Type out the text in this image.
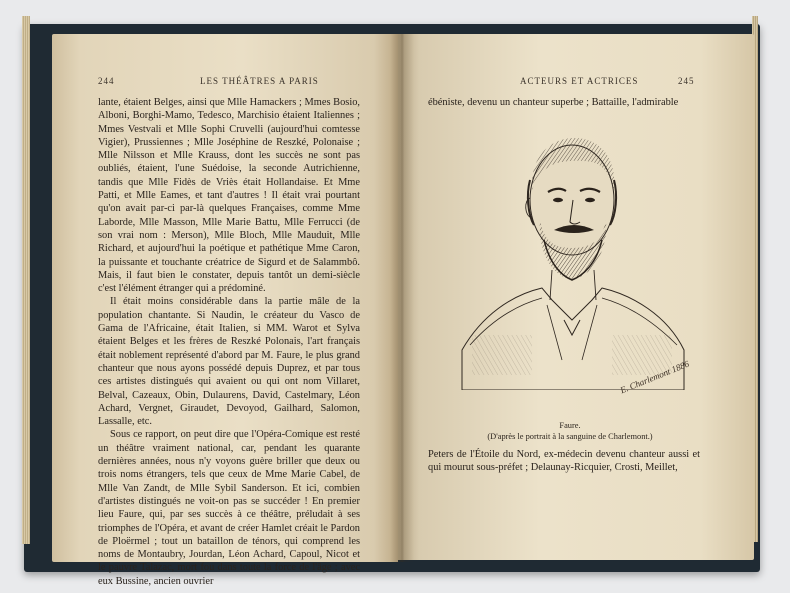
244	LES THÉÂTRES A PARIS

lante, étaient Belges, ainsi que Mlle Hamackers ; Mmes Bosio, Alboni, Borghi-Mamo, Tedesco, Marchisio étaient Italiennes ; Mmes Vestvali et Mlle Sophi Cruvelli (aujourd'hui comtesse Vigier), Prussiennes ; Mlle Joséphine de Reszké, Polonaise ; Mlle Nilsson et Mlle Krauss, dont les succès ne sont pas oubliés, étaient, l'une Suédoise, la seconde Autrichienne, tandis que Mlle Fidès de Vriès était Hollandaise. Et Mme Patti, et Mlle Eames, et tant d'autres ! Il était vrai pourtant qu'on avait par-ci par-là quelques Françaises, comme Mme Laborde, Mlle Masson, Mlle Marie Battu, Mlle Ferrucci (de son vrai nom : Merson), Mlle Bloch, Mlle Mauduit, Mlle Richard, et aujourd'hui la poétique et pathétique Mme Caron, la puissante et touchante créatrice de Sigurd et de Salammbô. Mais, il faut bien le constater, depuis tantôt un demi-siècle c'est l'élément étranger qui a prédominé.

Il était moins considérable dans la partie mâle de la population chantante. Si Naudin, le créateur du Vasco de Gama de l'Africaine, était Italien, si MM. Warot et Sylva étaient Belges et les frères de Reszké Polonais, l'art français était noblement représenté d'abord par M. Faure, le plus grand chanteur que nous ayons possédé depuis Duprez, et par tous ces artistes distingués qui avaient ou qui ont nom Villaret, Belval, Cazeaux, Obin, Dulaurens, David, Castelmary, Léon Achard, Vergnet, Giraudet, Devoyod, Gailhard, Salomon, Lassalle, etc.

Sous ce rapport, on peut dire que l'Opéra-Comique est resté un théâtre vraiment national, car, pendant les quarante dernières années, nous n'y voyons guère briller que deux ou trois noms étrangers, tels que ceux de Mme Marie Cabel, de Mlle Van Zandt, de Mlle Sybil Sanderson. Et ici, combien d'artistes distingués ne voit-on pas se succéder ! En premier lieu Faure, qui, par ses succès à ce théâtre, préludait à ses triomphes de l'Opéra, et avant de créer Hamlet créait le Pardon de Ploërmel ; tout un bataillon de ténors, qui comprend les noms de Montaubry, Jourdan, Léon Achard, Capoul, Nicot et le pauvre Talazac, mort fou dans toute la force de l'âge ; avec eux Bussine, ancien ouvrier

ACTEURS ET ACTRICES	245
ébéniste, devenu un chanteur superbe ; Battaille, l'admirable
E. Charlemont 1886
Faure.
(D'après le portrait à la sanguine de Charlemont.)

Peters de l'Étoile du Nord, ex-médecin devenu chanteur aussi et qui mourut sous-préfet ; Delaunay-Ricquier, Crosti, Meillet,
